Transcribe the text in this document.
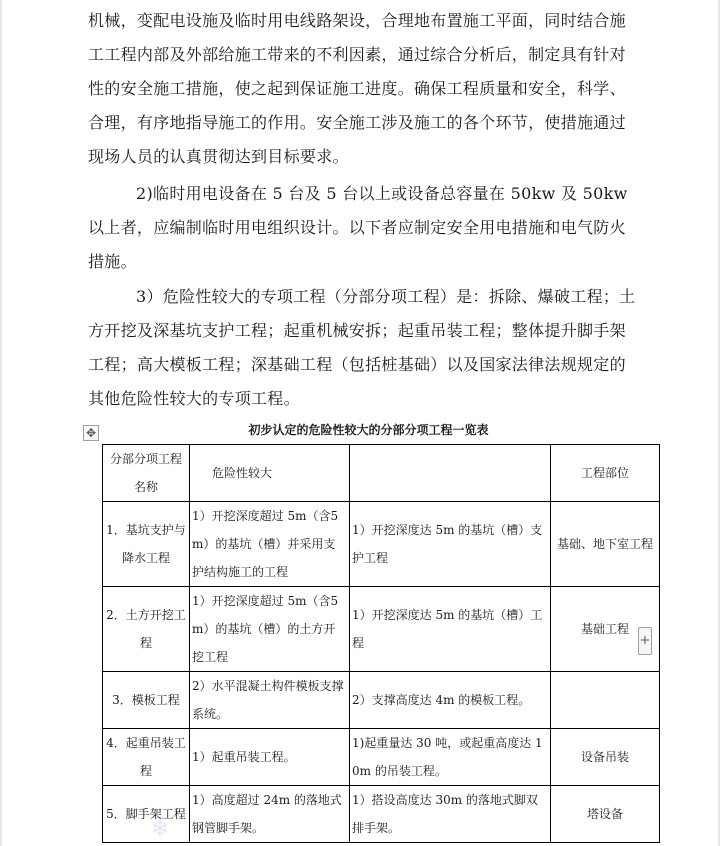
机械，变配电设施及临时用电线路架设，合理地布置施工平面，同时结合施工工程内部及外部给施工带来的不利因素，通过综合分析后，制定具有针对性的安全施工措施，使之起到保证施工进度。确保工程质量和安全，科学、合理，有序地指导施工的作用。安全施工涉及施工的各个环节，使措施通过现场人员的认真贯彻达到目标要求。

2)临时用电设备在 5 台及 5 台以上或设备总容量在 50kw 及 50kw 以上者，应编制临时用电组织设计。以下者应制定安全用电措施和电气防火措施。

3）危险性较大的专项工程（分部分项工程）是：拆除、爆破工程；土方开挖及深基坑支护工程；起重机械安拆；起重吊装工程；整体提升脚手架工程；高大模板工程；深基础工程（包括桩基础）以及国家法律法规规定的其他危险性较大的专项工程。

✥	初步认定的危险性较大的分部分项工程一览表
分部分项工程名称	危险性较大		工程部位
1．基坑支护与降水工程	1）开挖深度超过 5m（含5m）的基坑（槽）并采用支护结构施工的工程	1）开挖深度达 5m 的基坑（槽）支护工程	基础、地下室工程
2．土方开挖工程	1）开挖深度超过 5m（含5m）的基坑（槽）的土方开挖工程	1）开挖深度达 5m 的基坑（槽）工程	基础工程
3．模板工程	2）水平混凝土构件模板支撑系统。	2）支撑高度达 4m 的模板工程。	
4．起重吊装工程	1）起重吊装工程。	1)起重量达 30 吨，或起重高度达 10m 的吊装工程。	设备吊装
5．脚手架工程	1）高度超过 24m 的落地式钢管脚手架。	1）搭设高度达 30m 的落地式脚双排手架。	塔设备
+
❄
